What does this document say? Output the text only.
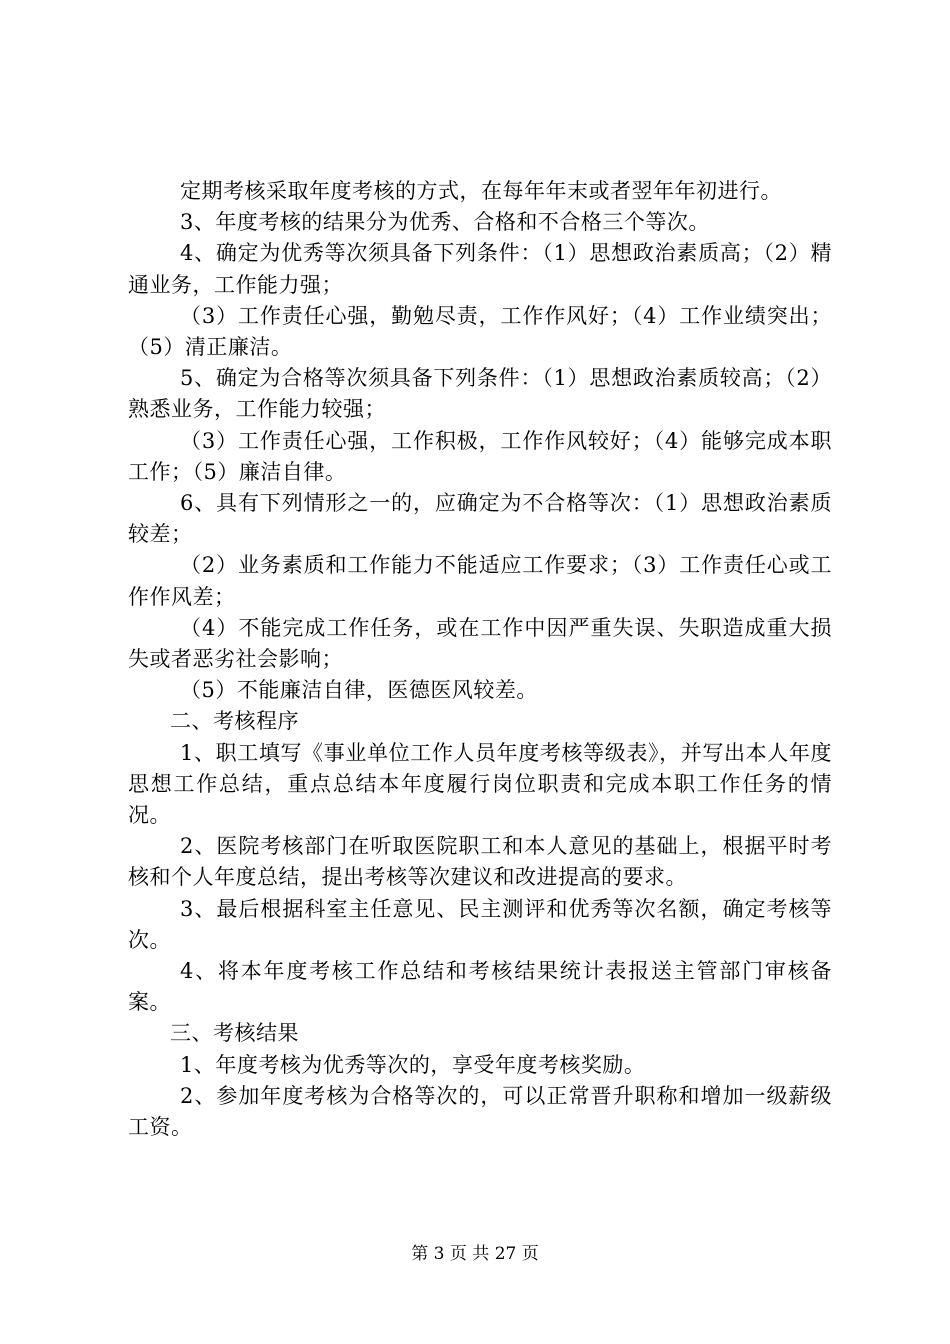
定期考核采取年度考核的方式，在每年年末或者翌年年初进行。

3、年度考核的结果分为优秀、合格和不合格三个等次。

4、确定为优秀等次须具备下列条件：（1）思想政治素质高；（2）精通业务，工作能力强；

（3）工作责任心强，勤勉尽责，工作作风好；（4）工作业绩突出；（5）清正廉洁。

5、确定为合格等次须具备下列条件：（1）思想政治素质较高；（2）熟悉业务，工作能力较强；

（3）工作责任心强，工作积极，工作作风较好；（4）能够完成本职工作；（5）廉洁自律。

6、具有下列情形之一的，应确定为不合格等次：（1）思想政治素质较差；

（2）业务素质和工作能力不能适应工作要求；（3）工作责任心或工作作风差；

（4）不能完成工作任务，或在工作中因严重失误、失职造成重大损失或者恶劣社会影响；

（5）不能廉洁自律，医德医风较差。

二、考核程序

1、职工填写《事业单位工作人员年度考核等级表》，并写出本人年度思想工作总结，重点总结本年度履行岗位职责和完成本职工作任务的情况。

2、医院考核部门在听取医院职工和本人意见的基础上，根据平时考核和个人年度总结，提出考核等次建议和改进提高的要求。

3、最后根据科室主任意见、民主测评和优秀等次名额，确定考核等次。

4、将本年度考核工作总结和考核结果统计表报送主管部门审核备案。

三、考核结果

1、年度考核为优秀等次的，享受年度考核奖励。

2、参加年度考核为合格等次的，可以正常晋升职称和增加一级薪级工资。

第 3 页 共 27 页
